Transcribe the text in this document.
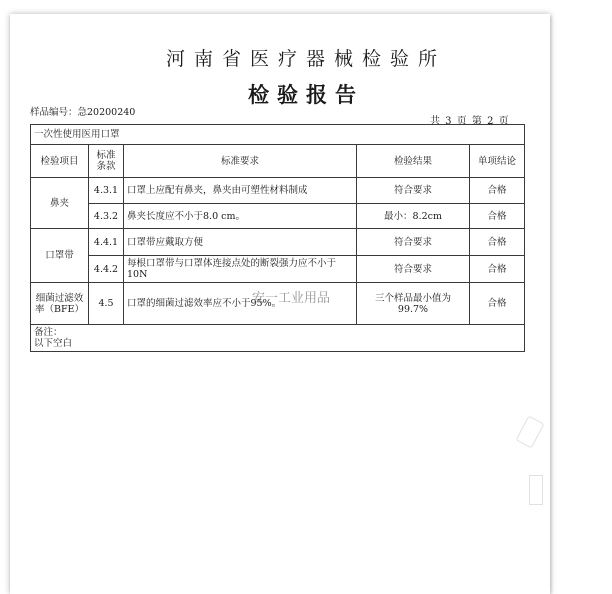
河南省医疗器械检验所
检验报告
样品编号：急20200240
共 3 页 第 2 页
一次性使用医用口罩				
检验项目	标准条款	标准要求	检验结果	单项结论
鼻夹	4.3.1	口罩上应配有鼻夹，鼻夹由可塑性材料制成	符合要求	合格
	4.3.2	鼻夹长度应不小于8.0 cm。	最小：8.2cm	合格
口罩带	4.4.1	口罩带应戴取方便	符合要求	合格
	4.4.2	每根口罩带与口罩体连接点处的断裂强力应不小于10N	符合要求	合格
细菌过滤效率（BFE）	4.5	口罩的细菌过滤效率应不小于95%。	三个样品最小值为99.7%	合格

备注：
以下空白				
安一工业用品
